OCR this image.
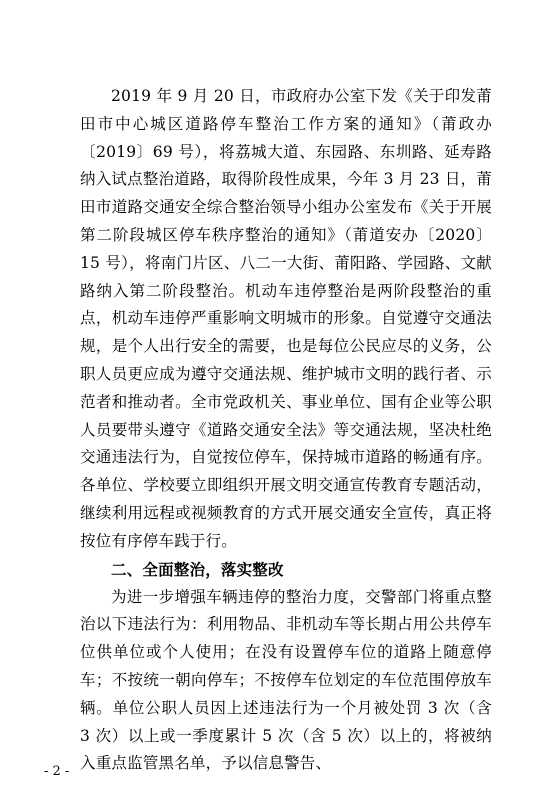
2019 年 9 月 20 日，市政府办公室下发《关于印发莆田市中心城区道路停车整治工作方案的通知》（莆政办〔2019〕69 号），将荔城大道、东园路、东圳路、延寿路纳入试点整治道路，取得阶段性成果，今年 3 月 23 日，莆田市道路交通安全综合整治领导小组办公室发布《关于开展第二阶段城区停车秩序整治的通知》（莆道安办〔2020〕15 号），将南门片区、八二一大街、莆阳路、学园路、文献路纳入第二阶段整治。机动车违停整治是两阶段整治的重点，机动车违停严重影响文明城市的形象。自觉遵守交通法规，是个人出行安全的需要，也是每位公民应尽的义务，公职人员更应成为遵守交通法规、维护城市文明的践行者、示范者和推动者。全市党政机关、事业单位、国有企业等公职人员要带头遵守《道路交通安全法》等交通法规，坚决杜绝交通违法行为，自觉按位停车，保持城市道路的畅通有序。各单位、学校要立即组织开展文明交通宣传教育专题活动，继续利用远程或视频教育的方式开展交通安全宣传，真正将按位有序停车践于行。

二、全面整治，落实整改

为进一步增强车辆违停的整治力度，交警部门将重点整治以下违法行为：利用物品、非机动车等长期占用公共停车位供单位或个人使用；在没有设置停车位的道路上随意停车；不按统一朝向停车；不按停车位划定的车位范围停放车辆。单位公职人员因上述违法行为一个月被处罚 3 次（含 3 次）以上或一季度累计 5 次（含 5 次）以上的，将被纳入重点监管黑名单，予以信息警告、

- 2 -
